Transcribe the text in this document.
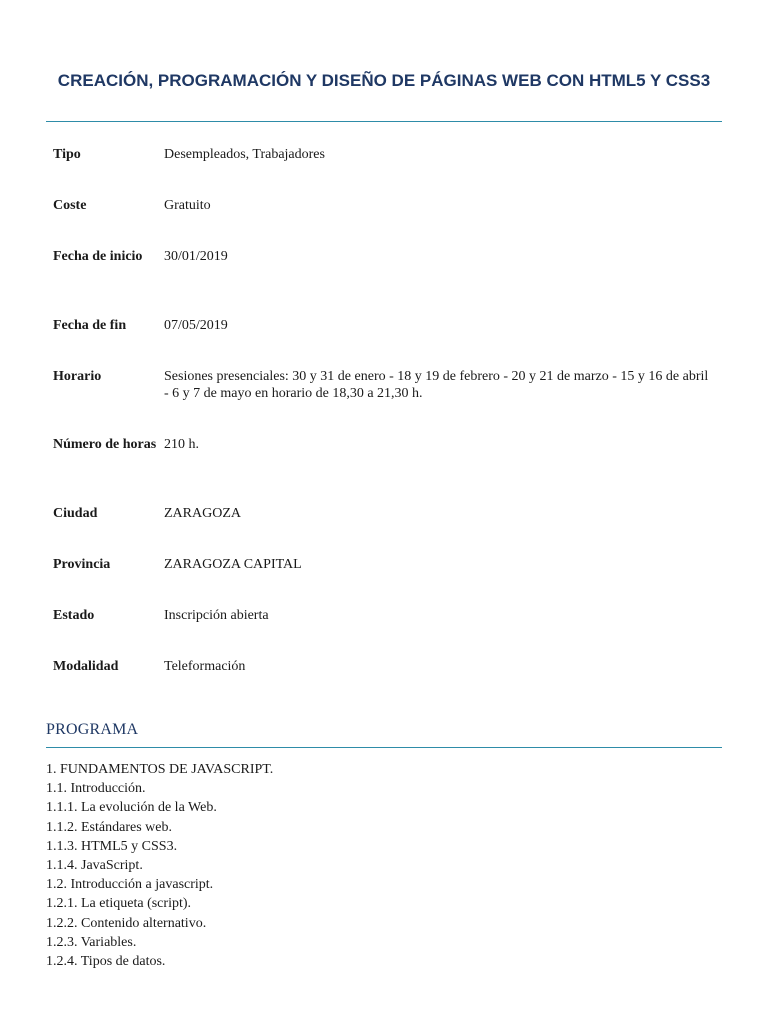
CREACIÓN, PROGRAMACIÓN Y DISEÑO DE PÁGINAS WEB CON HTML5 Y CSS3
Tipo	Desempleados, Trabajadores
Coste	Gratuito
Fecha de inicio	30/01/2019
Fecha de fin	07/05/2019
Horario	Sesiones presenciales: 30 y 31 de enero - 18 y 19 de febrero - 20 y 21 de marzo - 15 y 16 de abril - 6 y 7 de mayo en horario de 18,30 a 21,30 h.
Número de horas 210 h.
Ciudad	ZARAGOZA
Provincia	ZARAGOZA CAPITAL
Estado	Inscripción abierta
Modalidad	Teleformación
PROGRAMA
1. FUNDAMENTOS DE JAVASCRIPT.
1.1. Introducción.
1.1.1. La evolución de la Web.
1.1.2. Estándares web.
1.1.3. HTML5 y CSS3.
1.1.4. JavaScript.
1.2. Introducción a javascript.
1.2.1. La etiqueta (script).
1.2.2. Contenido alternativo.
1.2.3. Variables.
1.2.4. Tipos de datos.
